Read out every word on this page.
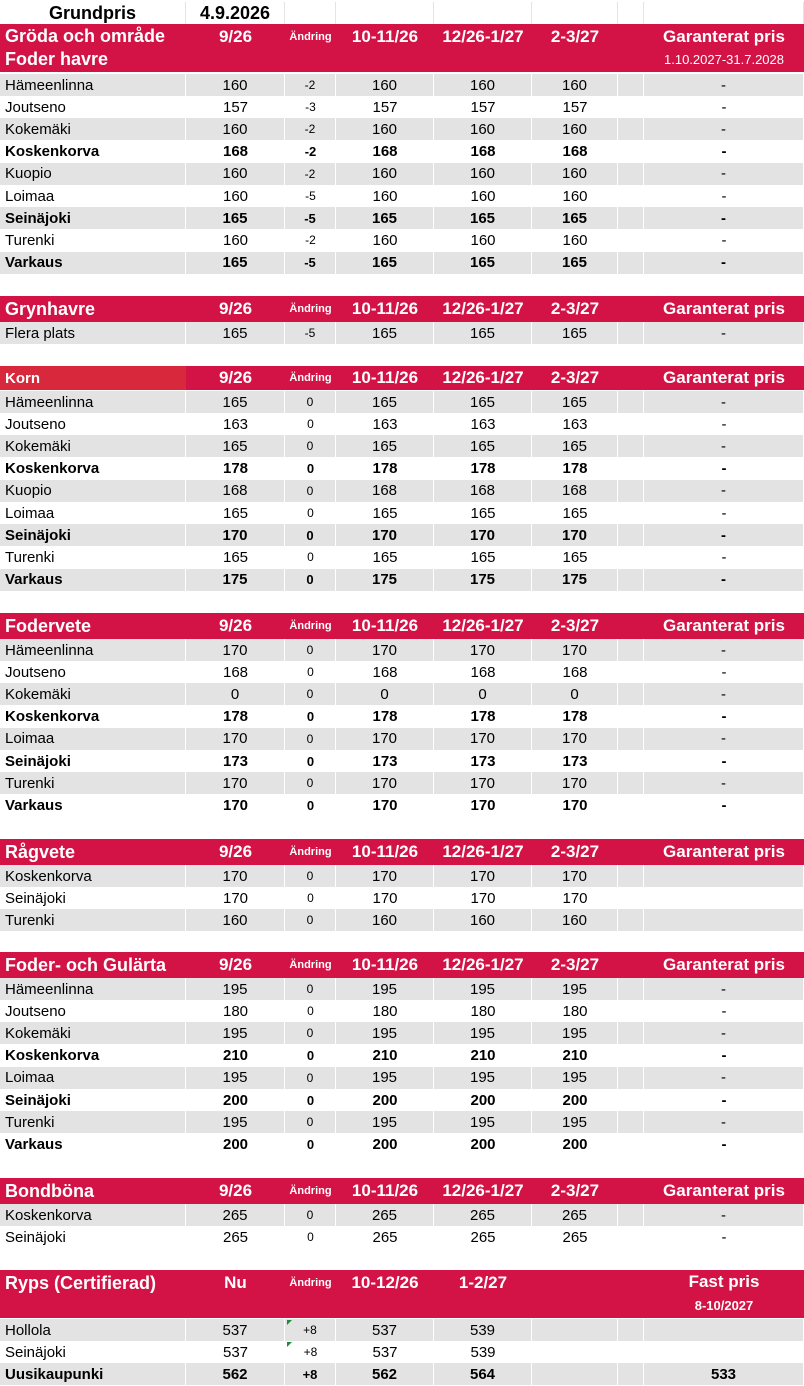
Grundpris	4.9.2026
Gröda och område
Foder havre
9/26	Ändring	10-11/26	12/26-1/27	2-3/27	Garanterat pris
1.10.2027-31.7.2028
Hämeenlinna	160	-2	160	160	160	-
Joutseno	157	-3	157	157	157	-
Kokemäki	160	-2	160	160	160	-
Koskenkorva	168	-2	168	168	168	-
Kuopio	160	-2	160	160	160	-
Loimaa	160	-5	160	160	160	-
Seinäjoki	165	-5	165	165	165	-
Turenki	160	-2	160	160	160	-
Varkaus	165	-5	165	165	165	-
Grynhavre	9/26	Ändring	10-11/26	12/26-1/27	2-3/27	Garanterat pris
Flera plats	165	-5	165	165	165	-
Korn	9/26	Ändring	10-11/26	12/26-1/27	2-3/27	Garanterat pris
Hämeenlinna	165	0	165	165	165	-
Joutseno	163	0	163	163	163	-
Kokemäki	165	0	165	165	165	-
Koskenkorva	178	0	178	178	178	-
Kuopio	168	0	168	168	168	-
Loimaa	165	0	165	165	165	-
Seinäjoki	170	0	170	170	170	-
Turenki	165	0	165	165	165	-
Varkaus	175	0	175	175	175	-
Fodervete	9/26	Ändring	10-11/26	12/26-1/27	2-3/27	Garanterat pris
Hämeenlinna	170	0	170	170	170	-
Joutseno	168	0	168	168	168	-
Kokemäki	0	0	0	0	0	-
Koskenkorva	178	0	178	178	178	-
Loimaa	170	0	170	170	170	-
Seinäjoki	173	0	173	173	173	-
Turenki	170	0	170	170	170	-
Varkaus	170	0	170	170	170	-
Rågvete	9/26	Ändring	10-11/26	12/26-1/27	2-3/27	Garanterat pris
Koskenkorva	170	0	170	170	170
Seinäjoki	170	0	170	170	170
Turenki	160	0	160	160	160
Foder- och Gulärta	9/26	Ändring	10-11/26	12/26-1/27	2-3/27	Garanterat pris
Hämeenlinna	195	0	195	195	195	-
Joutseno	180	0	180	180	180	-
Kokemäki	195	0	195	195	195	-
Koskenkorva	210	0	210	210	210	-
Loimaa	195	0	195	195	195	-
Seinäjoki	200	0	200	200	200	-
Turenki	195	0	195	195	195	-
Varkaus	200	0	200	200	200	-
Bondböna	9/26	Ändring	10-11/26	12/26-1/27	2-3/27	Garanterat pris
Koskenkorva	265	0	265	265	265	-
Seinäjoki	265	0	265	265	265	-
Ryps (Certifierad)	Nu	Ändring	10-12/26	1-2/27	Fast pris
8-10/2027
Hollola	537	+8	537	539
Seinäjoki	537	+8	537	539
Uusikaupunki	562	+8	562	564	533
